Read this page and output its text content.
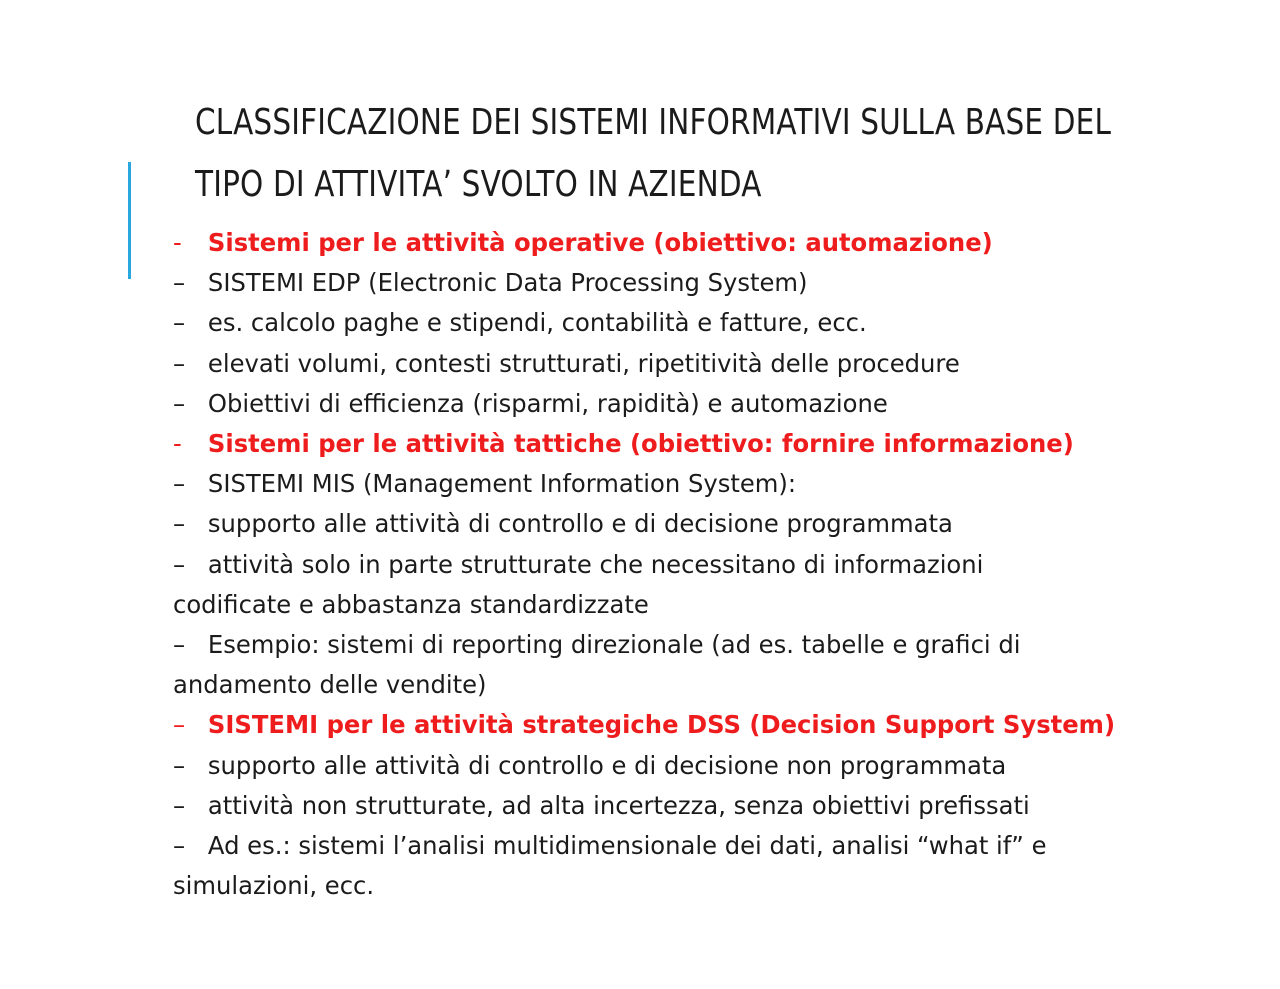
CLASSIFICAZIONE DEI SISTEMI INFORMATIVI SULLA BASE DEL
TIPO DI ATTIVITA’ SVOLTO IN AZIENDA
-	Sistemi per le attività operative (obiettivo: automazione)
– SISTEMI EDP (Electronic Data Processing System)
– es. calcolo paghe e stipendi, contabilità e fatture, ecc.
– elevati volumi, contesti strutturati, ripetitività delle procedure
– Obiettivi di efficienza (risparmi, rapidità) e automazione
-	Sistemi per le attività tattiche (obiettivo: fornire informazione)
– SISTEMI MIS (Management Information System):
– supporto alle attività di controllo e di decisione programmata
– attività solo in parte strutturate che necessitano di informazioni
codificate e abbastanza standardizzate
– Esempio: sistemi di reporting direzionale (ad es. tabelle e grafici di
andamento delle vendite)
– SISTEMI per le attività strategiche DSS (Decision Support System)
– supporto alle attività di controllo e di decisione non programmata
– attività non strutturate, ad alta incertezza, senza obiettivi prefissati
– Ad es.: sistemi l’analisi multidimensionale dei dati, analisi “what if” e
simulazioni, ecc.
